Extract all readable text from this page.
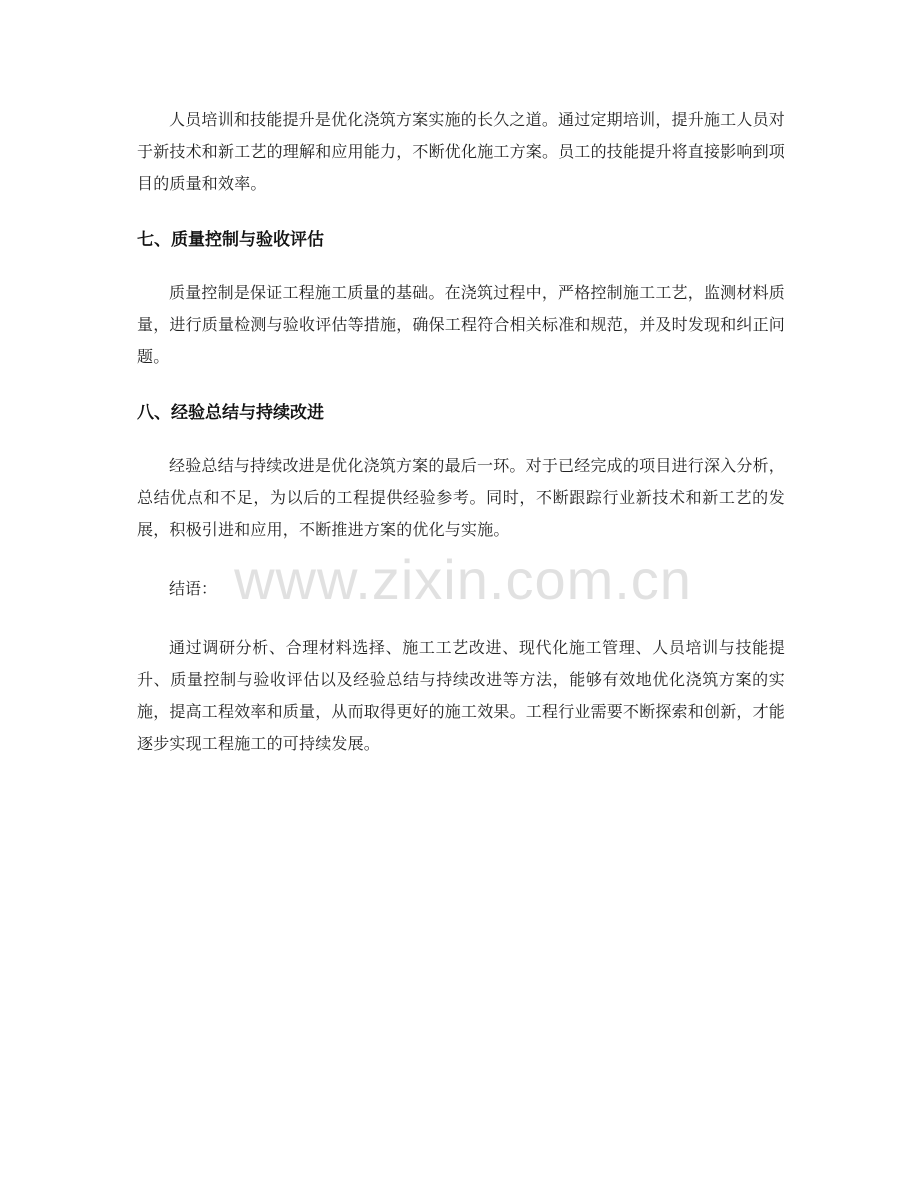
人员培训和技能提升是优化浇筑方案实施的长久之道。通过定期培训，提升施工人员对于新技术和新工艺的理解和应用能力，不断优化施工方案。员工的技能提升将直接影响到项目的质量和效率。

七、质量控制与验收评估

质量控制是保证工程施工质量的基础。在浇筑过程中，严格控制施工工艺，监测材料质量，进行质量检测与验收评估等措施，确保工程符合相关标准和规范，并及时发现和纠正问题。

八、经验总结与持续改进

经验总结与持续改进是优化浇筑方案的最后一环。对于已经完成的项目进行深入分析，总结优点和不足，为以后的工程提供经验参考。同时，不断跟踪行业新技术和新工艺的发展，积极引进和应用，不断推进方案的优化与实施。

结语：

通过调研分析、合理材料选择、施工工艺改进、现代化施工管理、人员培训与技能提升、质量控制与验收评估以及经验总结与持续改进等方法，能够有效地优化浇筑方案的实施，提高工程效率和质量，从而取得更好的施工效果。工程行业需要不断探索和创新，才能逐步实现工程施工的可持续发展。

www.zixin.com.cn
